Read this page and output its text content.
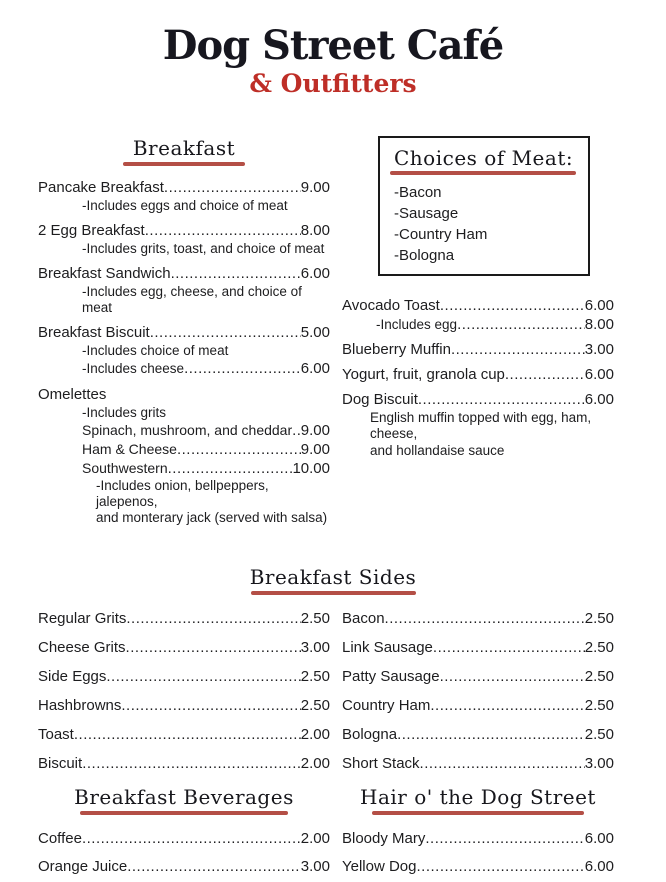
Dog Street Café
& Outfitters
Breakfast
Pancake Breakfast .....	9.00
-Includes eggs and choice of meat
2 Egg Breakfast .....	8.00
-Includes grits, toast, and choice of meat
Breakfast Sandwich .....	6.00
-Includes egg, cheese, and choice of meat
Breakfast Biscuit .....	5.00
-Includes choice of meat
-Includes cheese .....	6.00
Omelettes
-Includes grits
Spinach, mushroom, and cheddar ..... 9.00
Ham & Cheese .....	9.00
Southwestern .....	10.00
-Includes onion, bellpeppers, jalepenos,
and monterary jack (served with salsa)
Choices of Meat:
-Bacon
-Sausage
-Country Ham
-Bologna
Avocado Toast .....	6.00
-Includes egg .....	8.00
Blueberry Muffin .....	3.00
Yogurt, fruit, granola cup .....	6.00
Dog Biscuit .....	6.00
English muffin topped with egg, ham, cheese,
and hollandaise sauce
Breakfast Sides
Regular Grits .....	2.50
Cheese Grits .....	3.00
Side Eggs .....	2.50
Hashbrowns .....	2.50
Toast .....	2.00
Biscuit .....	2.00
Bacon .....	2.50
Link Sausage .....	2.50
Patty Sausage .....	2.50
Country Ham .....	2.50
Bologna .....	2.50
Short Stack .....	3.00
Breakfast Beverages
Coffee .....	2.00
Orange Juice .....	3.00
Hair o' the Dog Street
Bloody Mary .....	6.00
Yellow Dog .....	6.00
